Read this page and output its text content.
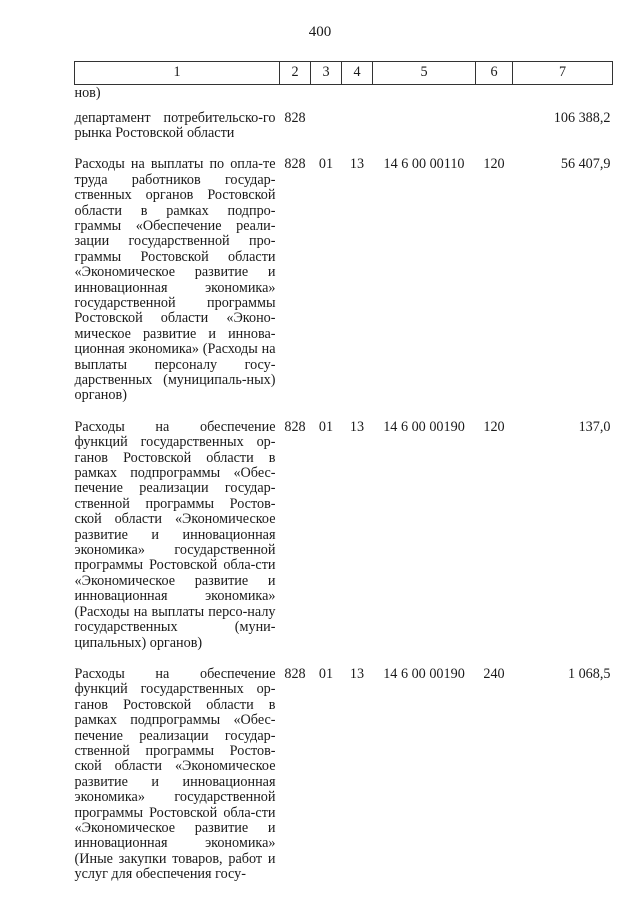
400
1	2	3	4	5	6	7
нов)						
департамент потребительско-го рынка Ростовской области	828					106 388,2
Расходы на выплаты по опла-те труда работников государ-ственных органов Ростовской области в рамках подпро-граммы «Обеспечение реали-зации государственной про-граммы Ростовской области «Экономическое развитие и инновационная экономика» государственной программы Ростовской области «Эконо-мическое развитие и иннова-ционная экономика» (Расходы на выплаты персоналу госу-дарственных (муниципаль-ных) органов)	828	01	13	14 6 00 00110	120	56 407,9
Расходы на обеспечение функций государственных ор-ганов Ростовской области в рамках подпрограммы «Обес-печение реализации государ-ственной программы Ростов-ской области «Экономическое развитие и инновационная экономика» государственной программы Ростовской обла-сти «Экономическое развитие и инновационная экономика» (Расходы на выплаты персо-налу государственных (муни-ципальных) органов)	828	01	13	14 6 00 00190	120	137,0
Расходы на обеспечение функций государственных ор-ганов Ростовской области в рамках подпрограммы «Обес-печение реализации государ-ственной программы Ростов-ской области «Экономическое развитие и инновационная экономика» государственной программы Ростовской обла-сти «Экономическое развитие и инновационная экономика» (Иные закупки товаров, работ и услуг для обеспечения госу-	828	01	13	14 6 00 00190	240	1 068,5
